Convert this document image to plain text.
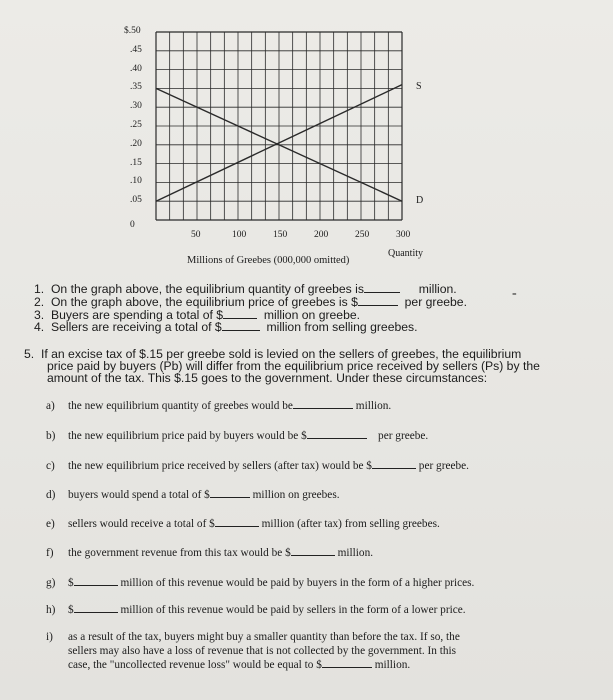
$.50
.45
.40
.35
.30
.25
.20
.15
.10
.05
0
50	100	150	200	250	300
Quantity
Millions of Greebes (000,000 omitted)
S
D
1. On the graph above, the equilibrium quantity of greebes is	million.
2. On the graph above, the equilibrium price of greebes is $	per greebe.
-
3. Buyers are spending a total of $	million on greebe.
4. Sellers are receiving a total of $	million from selling greebes.
5. If an excise tax of $.15 per greebe sold is levied on the sellers of greebes, the equilibrium
price paid by buyers (Pb) will differ from the equilibrium price received by sellers (Ps) by the
amount of the tax. This $.15 goes to the government. Under these circumstances:
a) the new equilibrium quantity of greebes would be	million.
b) the new equilibrium price paid by buyers would be $	per greebe.
c) the new equilibrium price received by sellers (after tax) would be $	per greebe.
d) buyers would spend a total of $	million on greebes.
e) sellers would receive a total of $	million (after tax) from selling greebes.
f) the government revenue from this tax would be $	million.
g) $	million of this revenue would be paid by buyers in the form of a higher prices.
h) $	million of this revenue would be paid by sellers in the form of a lower price.
i) as a result of the tax, buyers might buy a smaller quantity than before the tax. If so, the
sellers may also have a loss of revenue that is not collected by the government. In this
case, the "uncollected revenue loss" would be equal to $	million.
